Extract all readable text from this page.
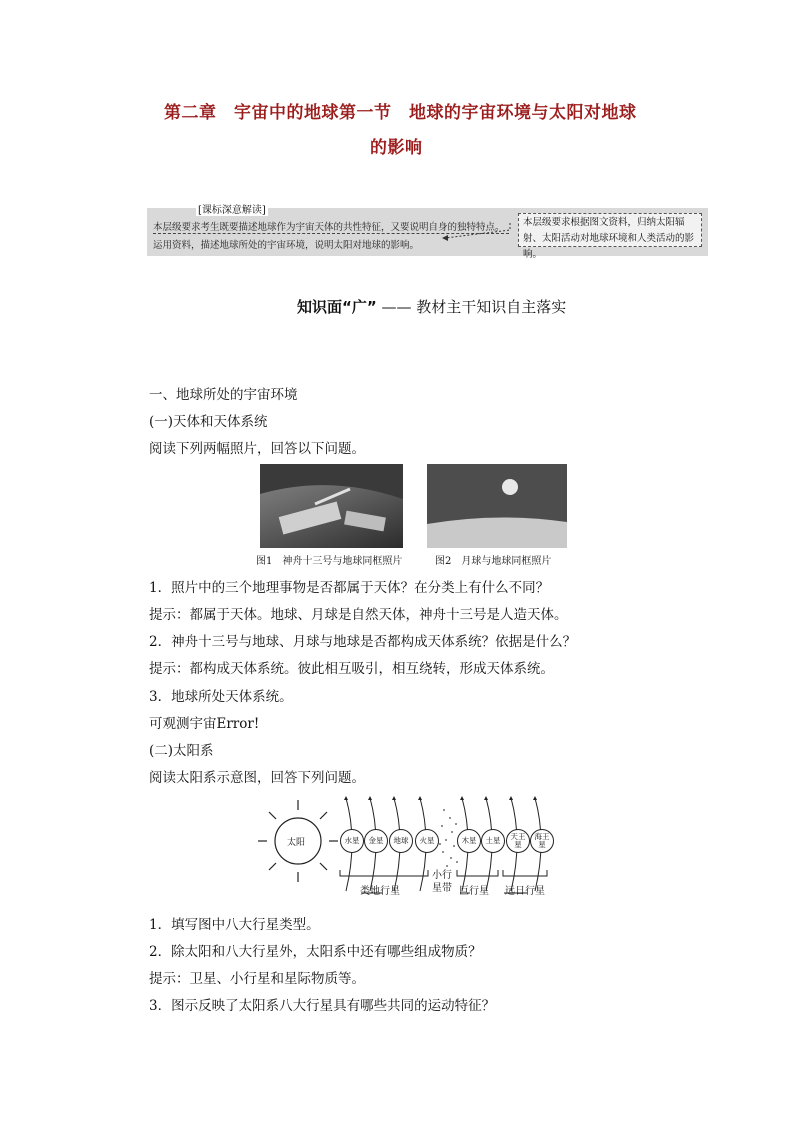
第二章　宇宙中的地球第一节　地球的宇宙环境与太阳对地球
的影响
[课标深意解读]
本层级要求考生既要描述地球作为宇宙天体的共性特征，又要说明自身的独特特点。
运用资料，描述地球所处的宇宙环境，说明太阳对地球的影响。
本层级要求根据图文资料，归纳太阳辐射、太阳活动对地球环境和人类活动的影响。
知识面“广” —— 教材主干知识自主落实
一、地球所处的宇宙环境
(一)天体和天体系统
阅读下列两幅照片，回答以下问题。
图1　神舟十三号与地球同框照片	图2　月球与地球同框照片
1．照片中的三个地理事物是否都属于天体？在分类上有什么不同？
提示：都属于天体。地球、月球是自然天体，神舟十三号是人造天体。
2．神舟十三号与地球、月球与地球是否都构成天体系统？依据是什么？
提示：都构成天体系统。彼此相互吸引，相互绕转，形成天体系统。
3．地球所处天体系统。
可观测宇宙Error!
(二)太阳系
阅读太阳系示意图，回答下列问题。
太阳	水星	金星	地球	火星	木星	土星	天王星
海王星
类地行星
小行
星带 巨行星 远日行星
1．填写图中八大行星类型。
2．除太阳和八大行星外，太阳系中还有哪些组成物质？
提示：卫星、小行星和星际物质等。
3．图示反映了太阳系八大行星具有哪些共同的运动特征？
